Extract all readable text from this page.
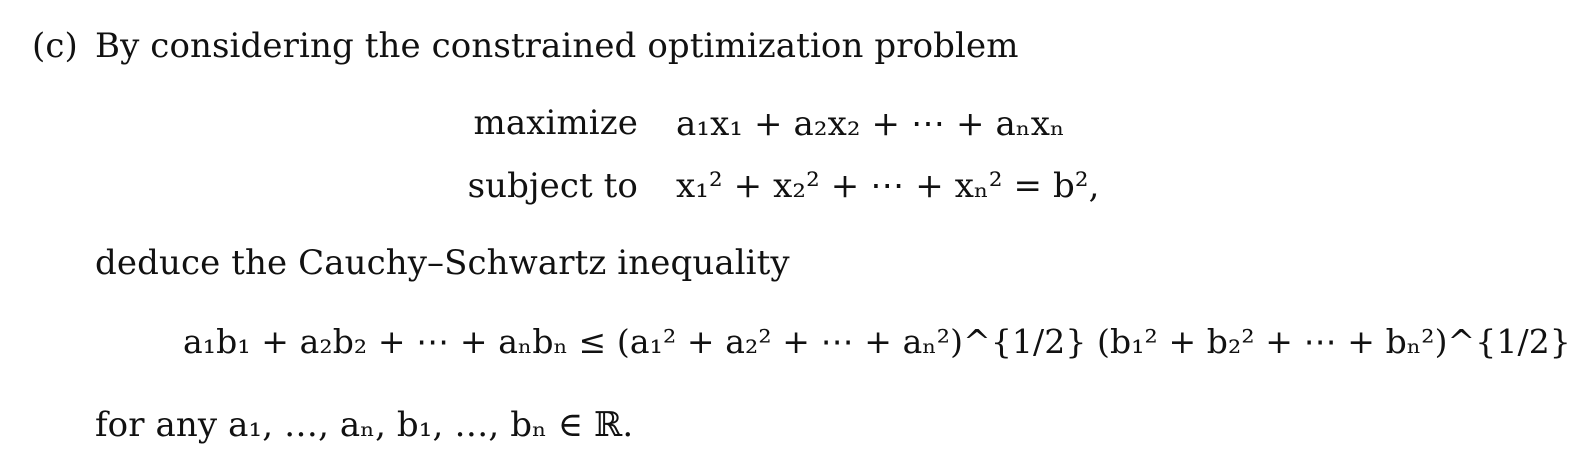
(c) By considering the constrained optimization problem
maximize a₁x₁ + a₂x₂ + ⋯ + aₙxₙ
subject to x₁² + x₂² + ⋯ + xₙ² = b²,
deduce the Cauchy–Schwartz inequality
a₁b₁ + a₂b₂ + ⋯ + aₙbₙ ≤ (a₁² + a₂² + ⋯ + aₙ²)^{1/2} (b₁² + b₂² + ⋯ + bₙ²)^{1/2}
for any a₁, …, aₙ, b₁, …, bₙ ∈ ℝ.
